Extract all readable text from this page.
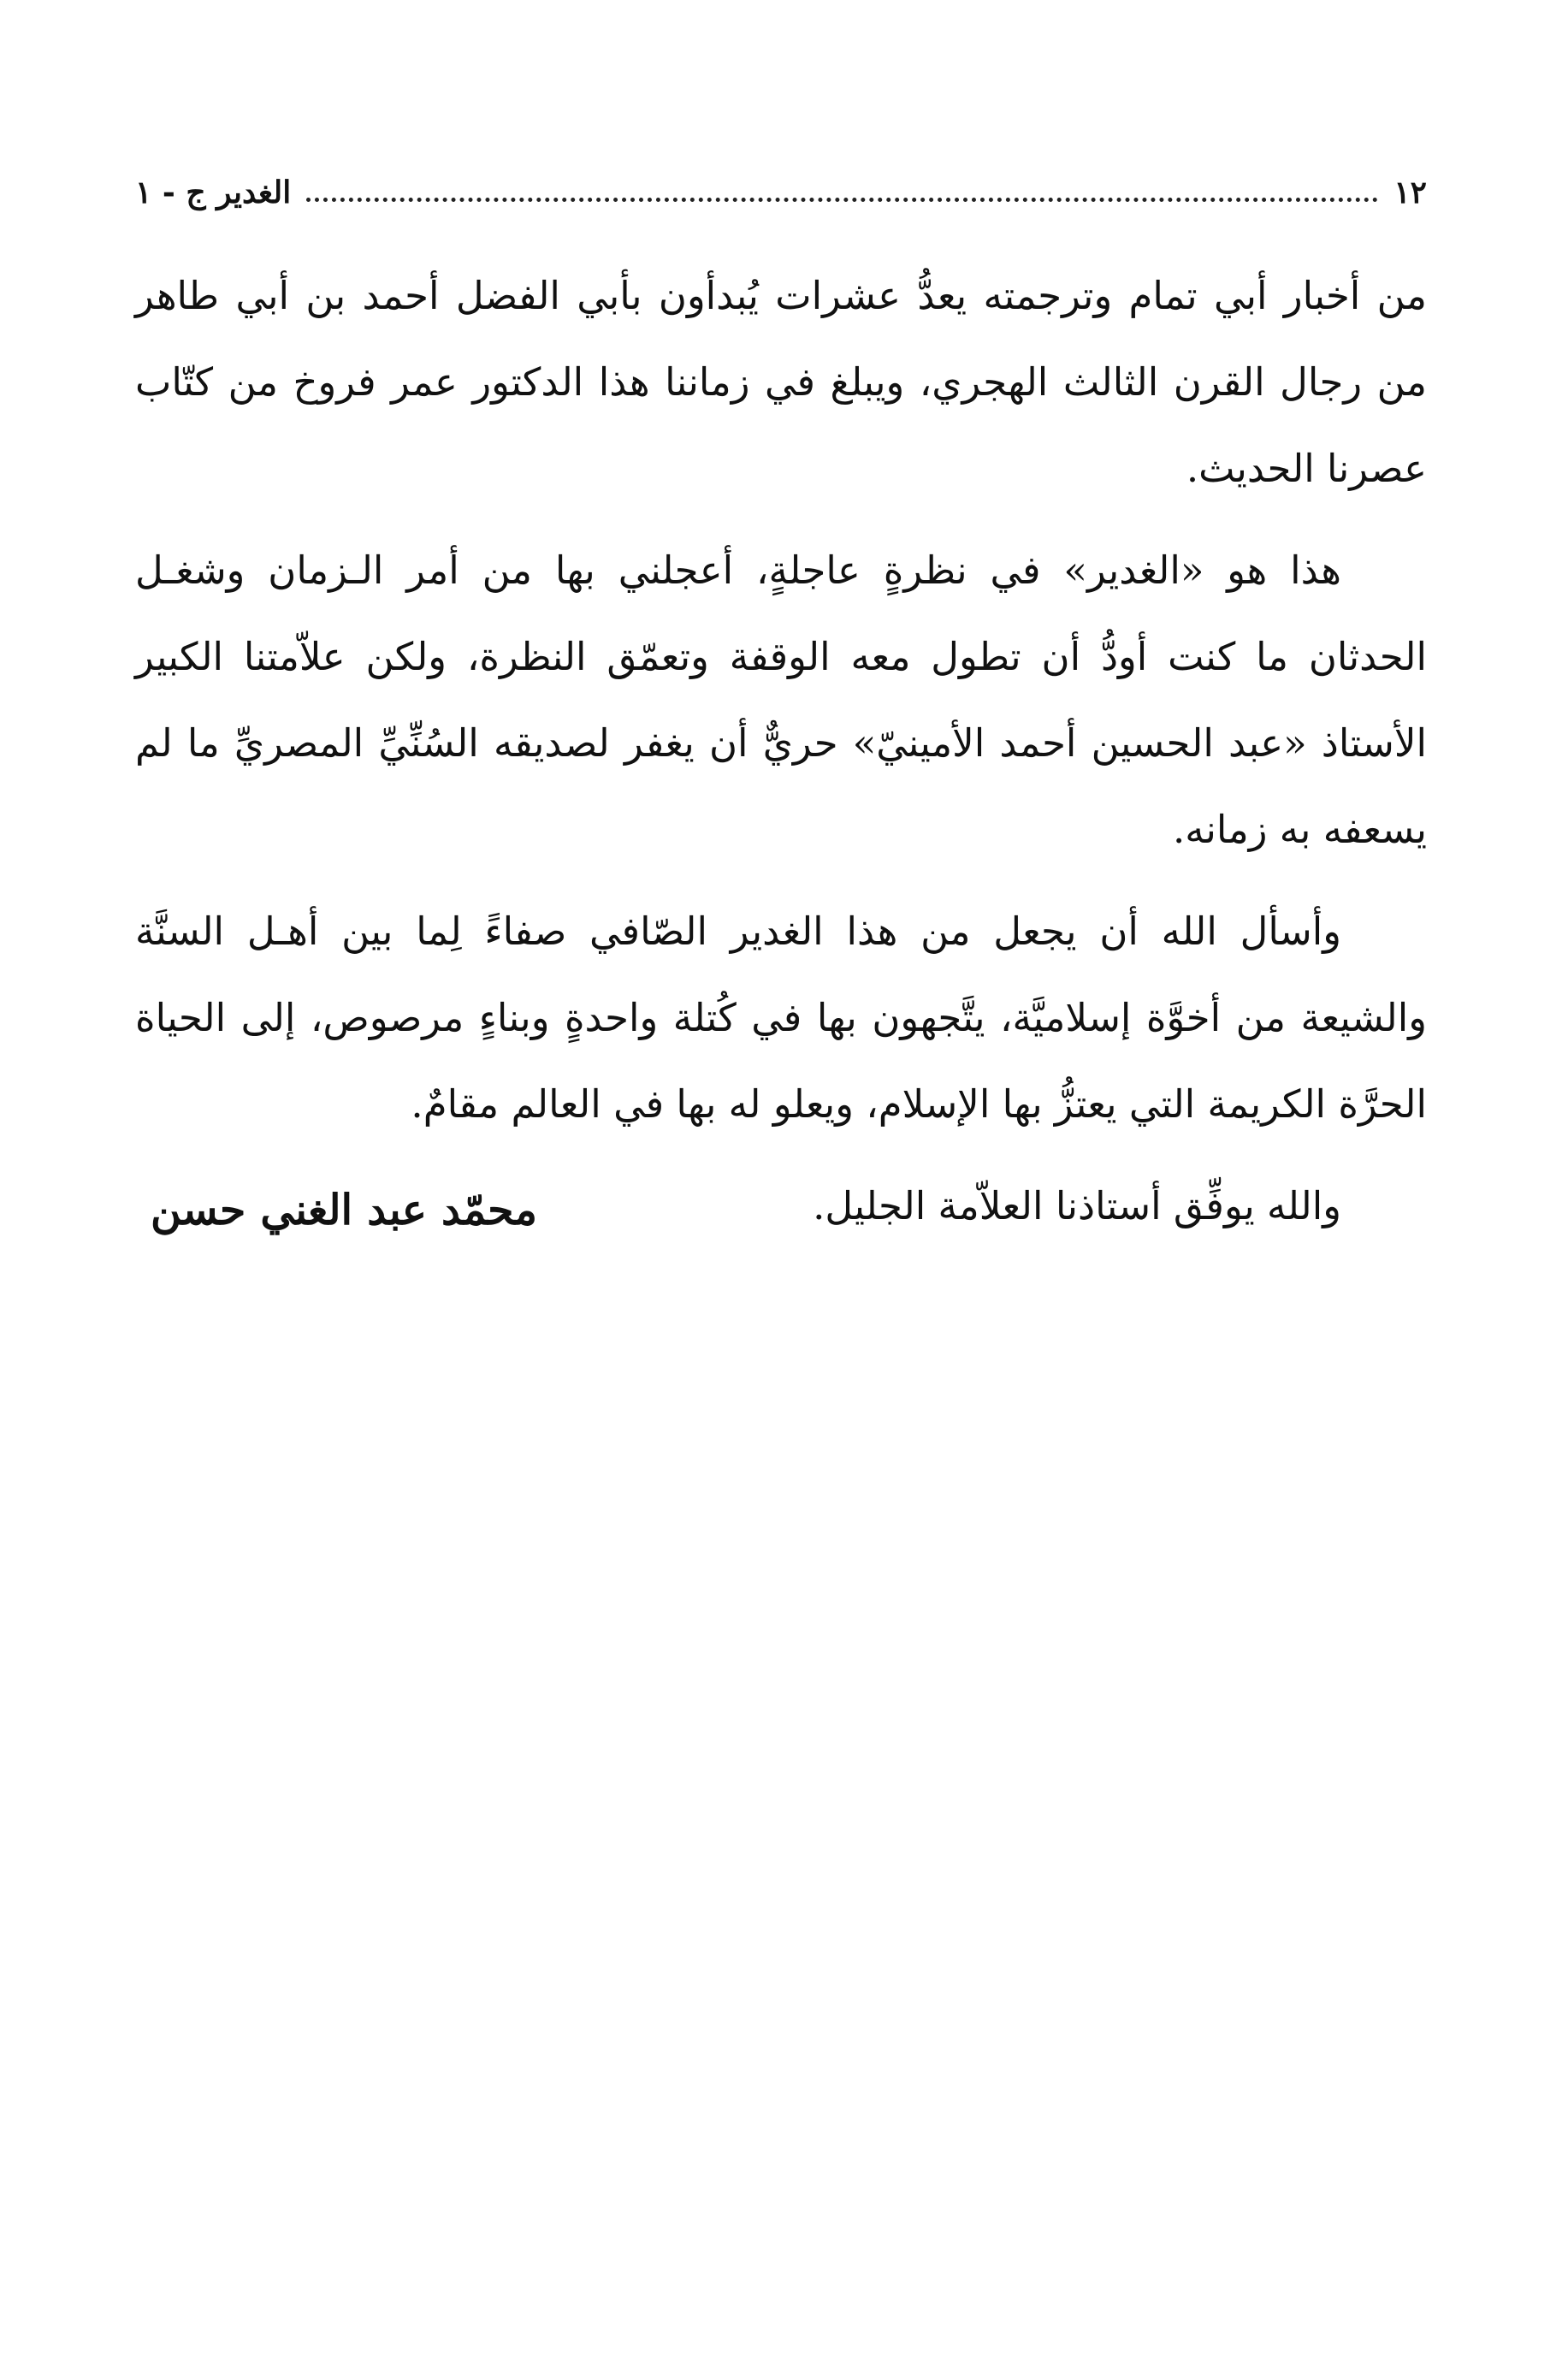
١٢
الغدير ج - ١

من أخبار أبي تمام وترجمته يعدُّ عشرات يُبدأون بأبي الفضل أحمد بن أبي طاهر من رجال القرن الثالث الهجري، ويبلغ في زماننا هذا الدكتور عمر فروخ من كتّاب عصرنا الحديث.

هذا هو «الغدير» في نظرةٍ عاجلةٍ، أعجلني بها من أمر الـزمان وشغـل الحدثان ما كنت أودُّ أن تطول معه الوقفة وتعمّق النظرة، ولكن علاّمتنا الكبير الأستاذ «عبد الحسين أحمد الأمينيّ» حريٌّ أن يغفر لصديقه السُنِّيِّ المصريِّ ما لم يسعفه به زمانه.

وأسأل الله أن يجعل من هذا الغدير الصّافي صفاءً لِما بين أهـل السنَّة والشيعة من أخوَّة إسلاميَّة، يتَّجهون بها في كُتلة واحدةٍ وبناءٍ مرصوص، إلى الحياة الحرَّة الكريمة التي يعتزُّ بها الإسلام، ويعلو له بها في العالم مقامٌ.

والله يوفِّق أستاذنا العلاّمة الجليل.

محمّد عبد الغني حسن
